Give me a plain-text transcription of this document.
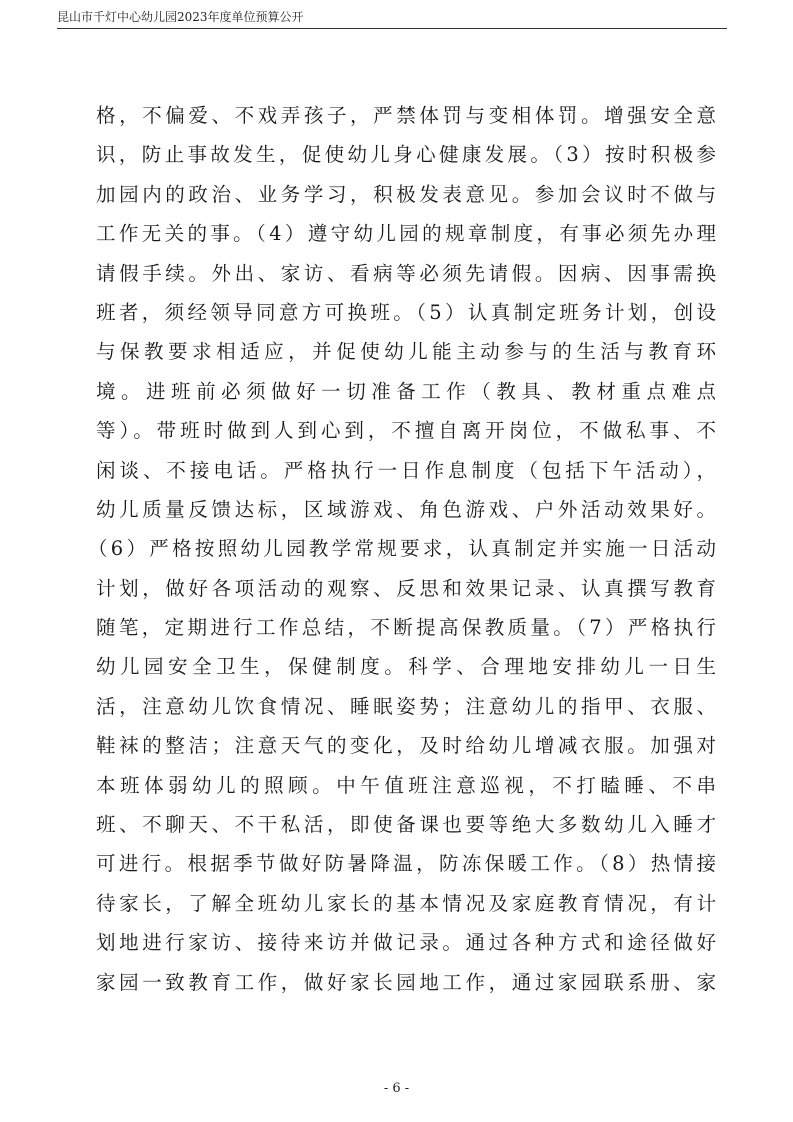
昆山市千灯中心幼儿园2023年度单位预算公开
格，不偏爱、不戏弄孩子，严禁体罚与变相体罚。增强安全意
识，防止事故发生，促使幼儿身心健康发展。（3）按时积极参
加园内的政治、业务学习，积极发表意见。参加会议时不做与
工作无关的事。（4）遵守幼儿园的规章制度，有事必须先办理
请假手续。外出、家访、看病等必须先请假。因病、因事需换
班者，须经领导同意方可换班。（5）认真制定班务计划，创设
与保教要求相适应，并促使幼儿能主动参与的生活与教育环
境。进班前必须做好一切准备工作（教具、教材重点难点
等）。带班时做到人到心到，不擅自离开岗位，不做私事、不
闲谈、不接电话。严格执行一日作息制度（包括下午活动），
幼儿质量反馈达标，区域游戏、角色游戏、户外活动效果好。
（6）严格按照幼儿园教学常规要求，认真制定并实施一日活动
计划，做好各项活动的观察、反思和效果记录、认真撰写教育
随笔，定期进行工作总结，不断提高保教质量。（7）严格执行
幼儿园安全卫生，保健制度。科学、合理地安排幼儿一日生
活，注意幼儿饮食情况、睡眠姿势；注意幼儿的指甲、衣服、
鞋袜的整洁；注意天气的变化，及时给幼儿增减衣服。加强对
本班体弱幼儿的照顾。中午值班注意巡视，不打瞌睡、不串
班、不聊天、不干私活，即使备课也要等绝大多数幼儿入睡才
可进行。根据季节做好防暑降温，防冻保暖工作。（8）热情接
待家长，了解全班幼儿家长的基本情况及家庭教育情况，有计
划地进行家访、接待来访并做记录。通过各种方式和途径做好
家园一致教育工作，做好家长园地工作，通过家园联系册、家
- 6 -
